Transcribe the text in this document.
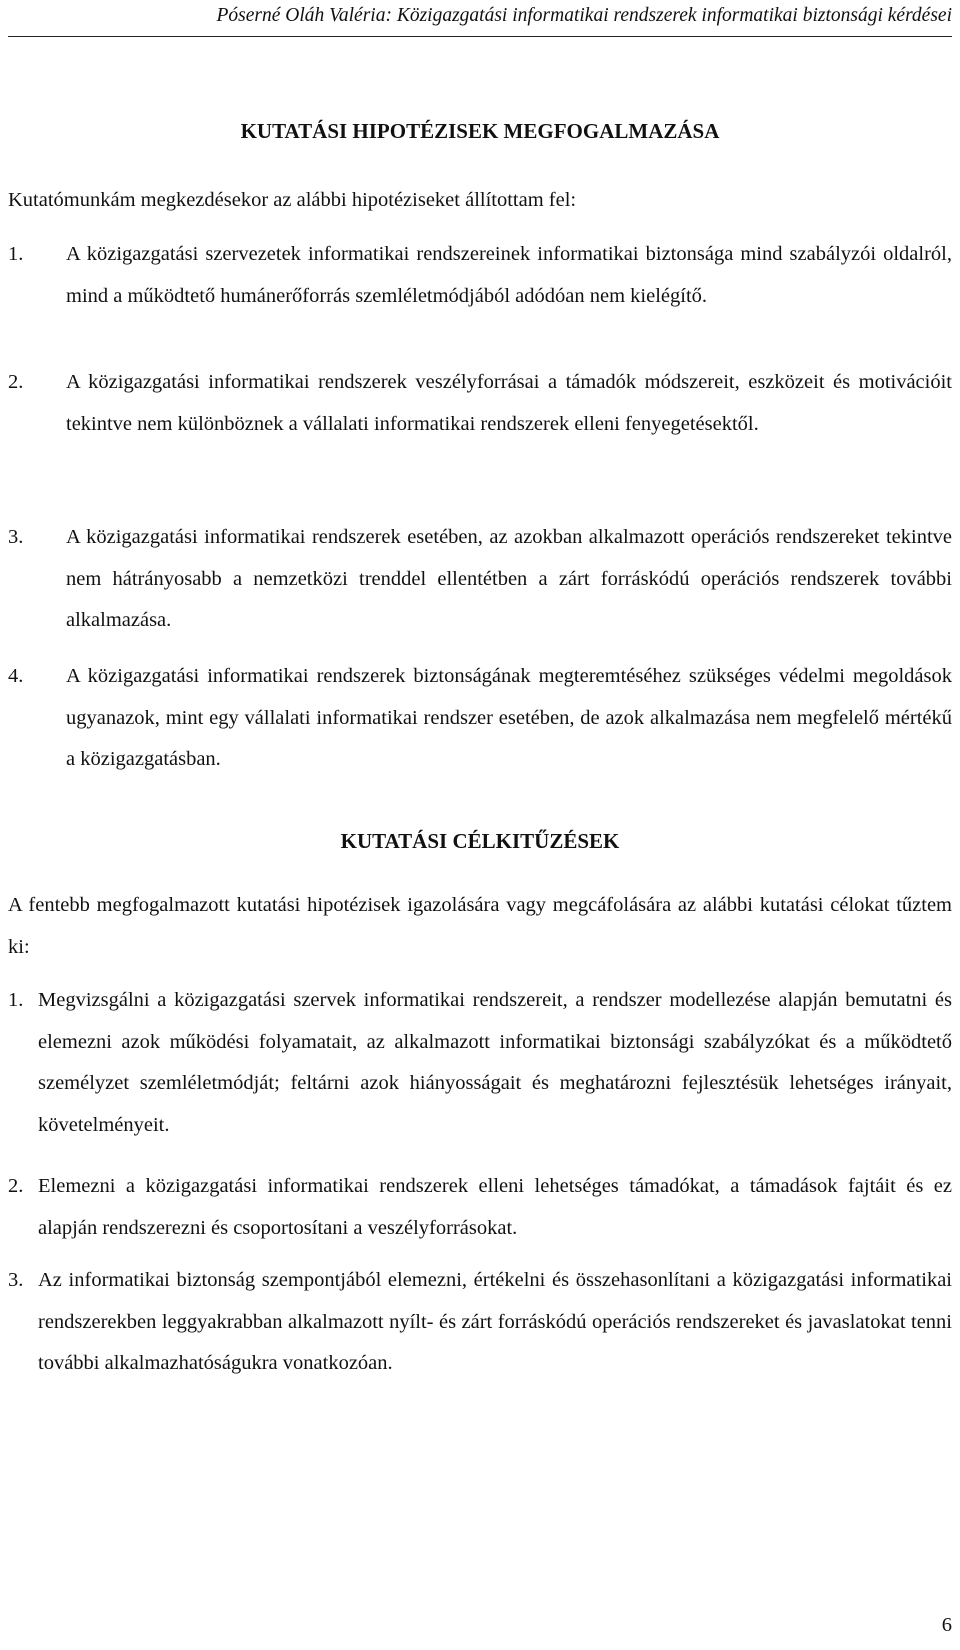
Póserné Oláh Valéria: Közigazgatási informatikai rendszerek informatikai biztonsági kérdései
KUTATÁSI HIPOTÉZISEK MEGFOGALMAZÁSA

Kutatómunkám megkezdésekor az alábbi hipotéziseket állítottam fel:

1.	A közigazgatási szervezetek informatikai rendszereinek informatikai biztonsága mind szabályzói oldalról, mind a működtető humánerőforrás szemléletmódjából adódóan nem kielégítő.

2.	A közigazgatási informatikai rendszerek veszélyforrásai a támadók módszereit, eszközeit és motivációit tekintve nem különböznek a vállalati informatikai rendszerek elleni fenyegetésektől.

3.	A közigazgatási informatikai rendszerek esetében, az azokban alkalmazott operációs rendszereket tekintve nem hátrányosabb a nemzetközi trenddel ellentétben a zárt forráskódú operációs rendszerek további alkalmazása.

4.	A közigazgatási informatikai rendszerek biztonságának megteremtéséhez szükséges védelmi megoldások ugyanazok, mint egy vállalati informatikai rendszer esetében, de azok alkalmazása nem megfelelő mértékű a közigazgatásban.

KUTATÁSI CÉLKITŰZÉSEK

A fentebb megfogalmazott kutatási hipotézisek igazolására vagy megcáfolására az alábbi kutatási célokat tűztem ki:

1. Megvizsgálni a közigazgatási szervek informatikai rendszereit, a rendszer modellezése alapján bemutatni és elemezni azok működési folyamatait, az alkalmazott informatikai biztonsági szabályzókat és a működtető személyzet szemléletmódját; feltárni azok hiányosságait és meghatározni fejlesztésük lehetséges irányait, követelményeit.

2. Elemezni a közigazgatási informatikai rendszerek elleni lehetséges támadókat, a támadások fajtáit és ez alapján rendszerezni és csoportosítani a veszélyforrásokat.

3. Az informatikai biztonság szempontjából elemezni, értékelni és összehasonlítani a közigazgatási informatikai rendszerekben leggyakrabban alkalmazott nyílt- és zárt forráskódú operációs rendszereket és javaslatokat tenni további alkalmazhatóságukra vonatkozóan.

6
